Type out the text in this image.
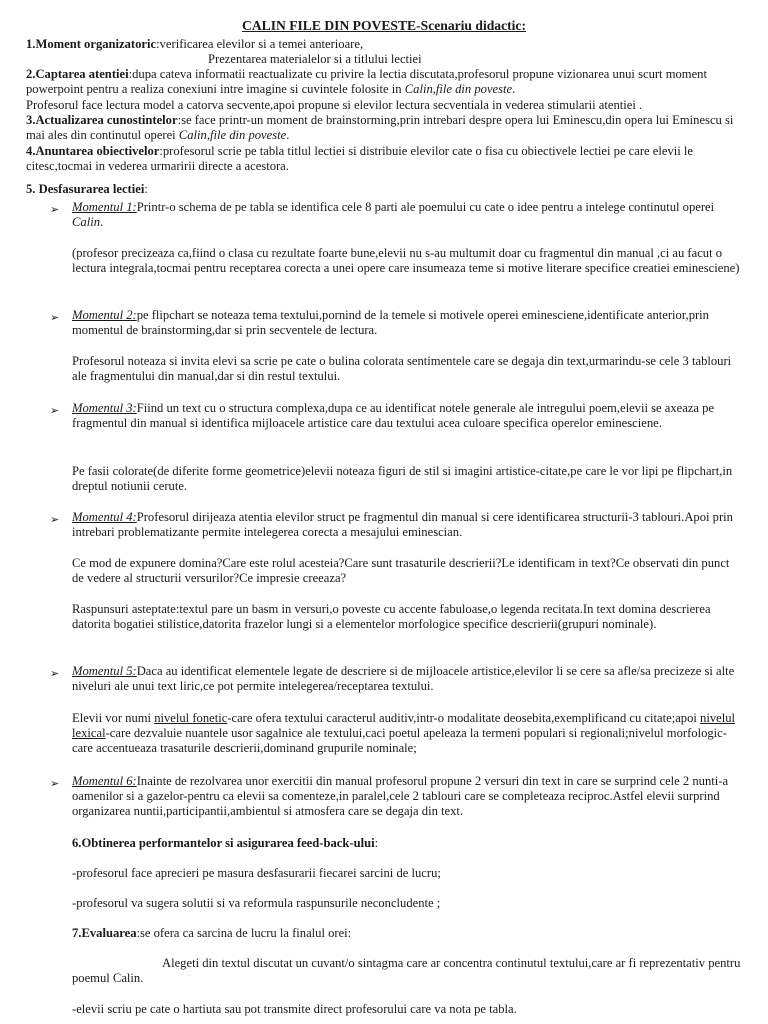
CALIN FILE DIN POVESTE-Scenariu didactic:

1.Moment organizatoric:verificarea elevilor si a temei anterioare,

Prezentarea materialelor si a titlului lectiei

2.Captarea atentiei:dupa cateva informatii reactualizate cu privire la lectia discutata,profesorul propune vizionarea unui scurt moment powerpoint pentru a realiza conexiuni intre imagine si cuvintele folosite in Calin,file din poveste.

Profesorul face lectura model a catorva secvente,apoi propune si elevilor lectura secventiala in vederea stimularii atentiei .

3.Actualizarea cunostintelor:se face printr-un moment de brainstorming,prin intrebari despre opera lui Eminescu,din opera lui Eminescu si mai ales din continutul operei Calin,file din poveste.

4.Anuntarea obiectivelor:profesorul scrie pe tabla titlul lectiei si distribuie elevilor cate o fisa cu obiectivele lectiei pe care elevii le citesc,tocmai in vederea urmaririi directe a acestora.

5. Desfasurarea lectiei:

➢ Momentul 1:Printr-o schema de pe tabla se identifica cele 8 parti ale poemului cu cate o idee pentru a intelege continutul operei Calin.

(profesor precizeaza ca,fiind o clasa cu rezultate foarte bune,elevii nu s-au multumit doar cu fragmentul din manual ,ci au facut o lectura integrala,tocmai pentru receptarea corecta a unei opere care insumeaza teme si motive literare specifice creatiei eminesciene)

➢ Momentul 2:pe flipchart se noteaza tema textului,pornind de la temele si motivele operei eminesciene,identificate anterior,prin momentul de brainstorming,dar si prin secventele de lectura.

Profesorul noteaza si invita elevi sa scrie pe cate o bulina colorata sentimentele care se degaja din text,urmarindu-se cele 3 tablouri ale fragmentului din manual,dar si din restul textului.

➢ Momentul 3:Fiind un text cu o structura complexa,dupa ce au identificat notele generale ale intregului poem,elevii se axeaza pe fragmentul din manual si identifica mijloacele artistice care dau textului acea culoare specifica operelor eminesciene.

Pe fasii colorate(de diferite forme geometrice)elevii noteaza figuri de stil si imagini artistice-citate,pe care le vor lipi pe flipchart,in dreptul notiunii cerute.

➢ Momentul 4:Profesorul dirijeaza atentia elevilor struct pe fragmentul din manual si cere identificarea structurii-3 tablouri.Apoi prin intrebari problematizante permite intelegerea corecta a mesajului eminescian.

Ce mod de expunere domina?Care este rolul acesteia?Care sunt trasaturile descrierii?Le identificam in text?Ce observati din punct de vedere al structurii versurilor?Ce impresie creeaza?

Raspunsuri asteptate:textul pare un basm in versuri,o poveste cu accente fabuloase,o legenda recitata.In text domina descrierea datorita bogatiei stilistice,datorita frazelor lungi si a elementelor morfologice specifice descrierii(grupuri nominale).

➢ Momentul 5:Daca au identificat elementele legate de descriere si de mijloacele artistice,elevilor li se cere sa afle/sa precizeze si alte niveluri ale unui text liric,ce pot permite intelegerea/receptarea textului.

Elevii vor numi nivelul fonetic-care ofera textului caracterul auditiv,intr-o modalitate deosebita,exemplificand cu citate;apoi nivelul lexical-care dezvaluie nuantele usor sagalnice ale textului,caci poetul apeleaza la termeni populari si regionali;nivelul morfologic-care accentueaza trasaturile descrierii,dominand grupurile nominale;

➢ Momentul 6:Inainte de rezolvarea unor exercitii din manual profesorul propune 2 versuri din text in care se surprind cele 2 nunti-a oamenilor si a gazelor-pentru ca elevii sa comenteze,in paralel,cele 2 tablouri care se completeaza reciproc.Astfel elevii surprind organizarea nuntii,participantii,ambientul si atmosfera care se degaja din text.

6.Obtinerea performantelor si asigurarea feed-back-ului:

-profesorul face aprecieri pe masura desfasurarii fiecarei sarcini de lucru;

-profesorul va sugera solutii si va reformula raspunsurile neconcludente ;

7.Evaluarea:se ofera ca sarcina de lucru la finalul orei:

Alegeti din textul discutat un cuvant/o sintagma care ar concentra continutul textului,care ar fi reprezentativ pentru poemul Calin.

-elevii scriu pe cate o hartiuta sau pot transmite direct profesorului care va nota pe tabla.
